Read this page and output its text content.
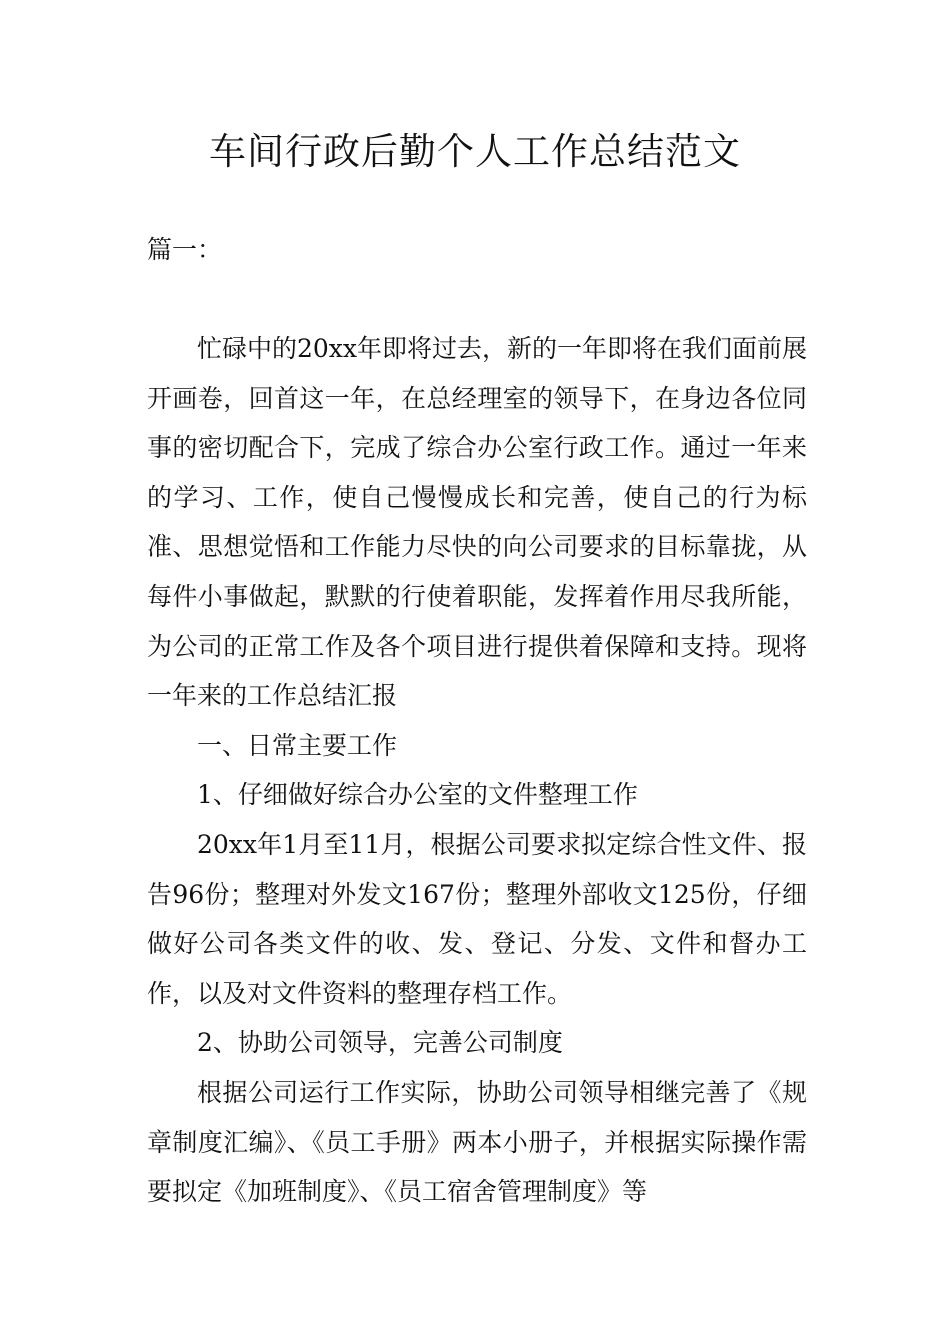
车间行政后勤个人工作总结范文

篇一：

忙碌中的20xx年即将过去，新的一年即将在我们面前展开画卷，回首这一年，在总经理室的领导下，在身边各位同事的密切配合下，完成了综合办公室行政工作。通过一年来的学习、工作，使自己慢慢成长和完善，使自己的行为标准、思想觉悟和工作能力尽快的向公司要求的目标靠拢，从每件小事做起，默默的行使着职能，发挥着作用尽我所能，为公司的正常工作及各个项目进行提供着保障和支持。现将一年来的工作总结汇报

一、日常主要工作

1、仔细做好综合办公室的文件整理工作

20xx年1月至11月，根据公司要求拟定综合性文件、报告96份；整理对外发文167份；整理外部收文125份，仔细做好公司各类文件的收、发、登记、分发、文件和督办工作，以及对文件资料的整理存档工作。

2、协助公司领导，完善公司制度

根据公司运行工作实际，协助公司领导相继完善了《规章制度汇编》、《员工手册》两本小册子，并根据实际操作需要拟定《加班制度》、《员工宿舍管理制度》等
